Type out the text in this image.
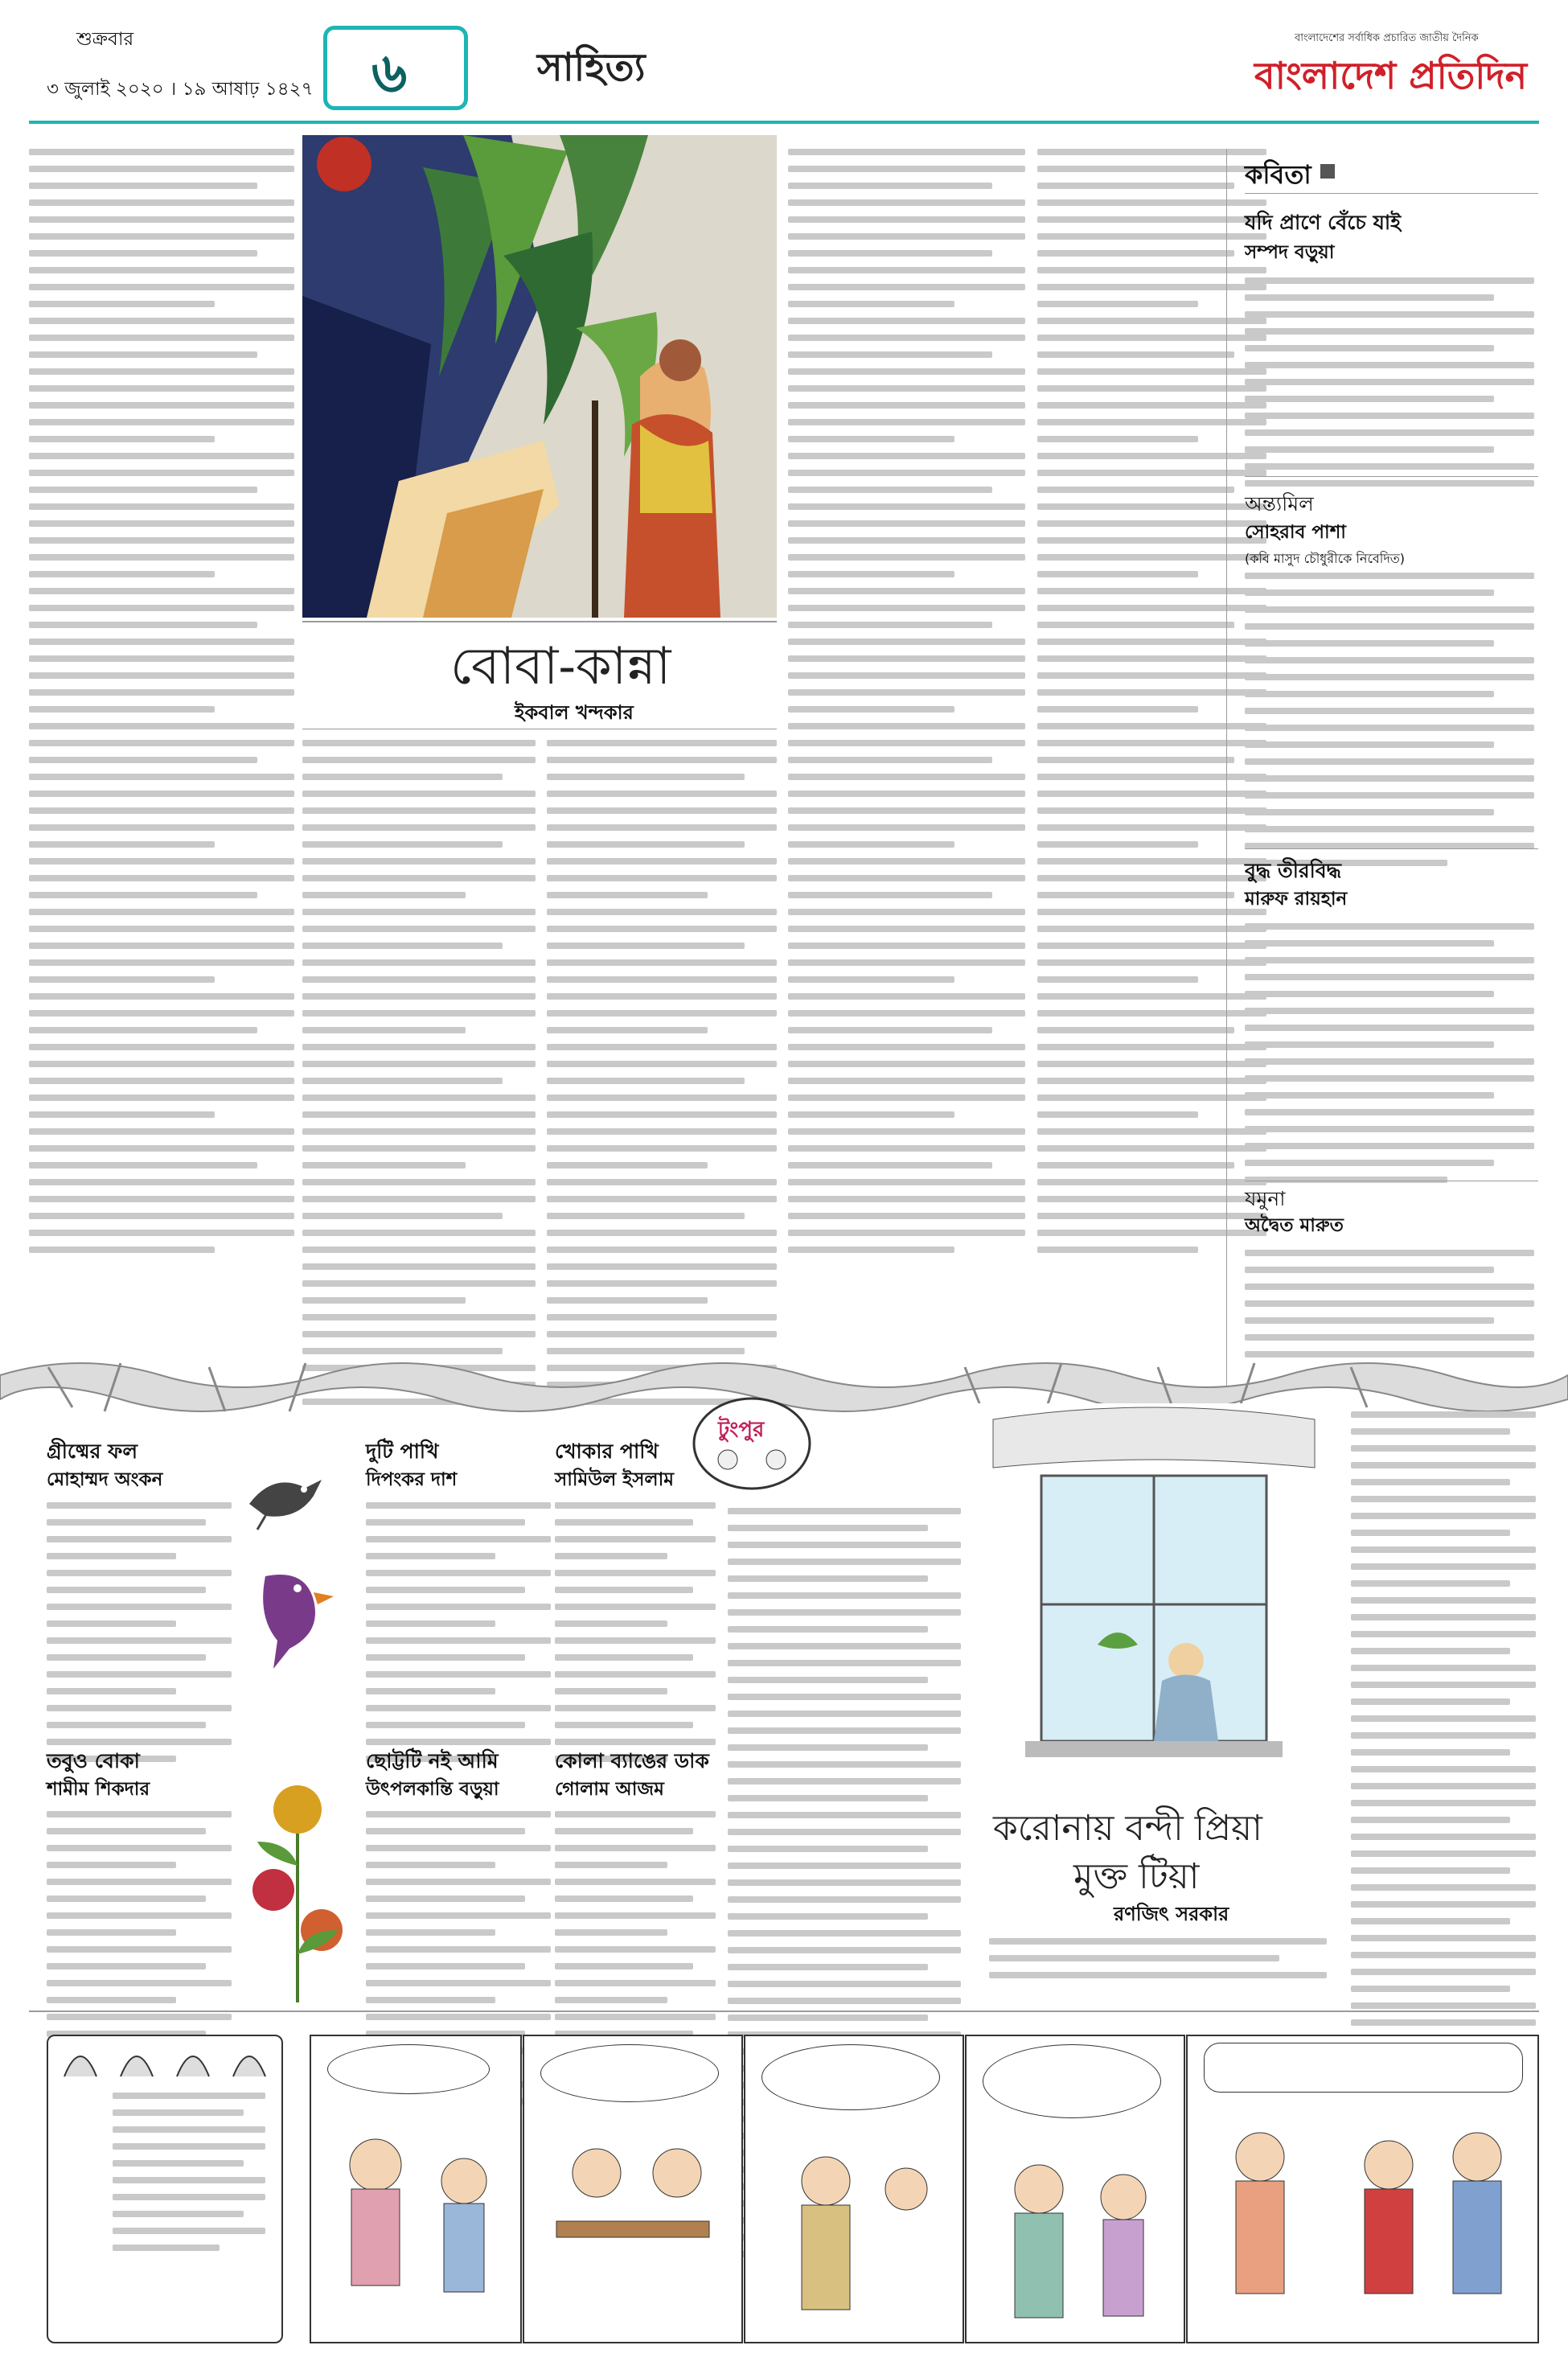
শুক্রবার
৩ জুলাই ২০২০ । ১৯ আষাঢ় ১৪২৭ ৬	সাহিত্য
বাংলাদেশের সর্বাধিক প্রচারিত জাতীয় দৈনিক
বাংলাদেশ প্রতিদিন
বোবা-কান্না
ইকবাল খন্দকার
কবিতা
যদি প্রাণে বেঁচে যাই
সম্পদ বড়ুয়া
অন্ত্যমিল
সোহরাব পাশা
(কবি মাসুদ চৌধুরীকে নিবেদিত)
বুদ্ধ তীরবিদ্ধ
মারুফ রায়হান
যমুনা
অদ্বৈত মারুত
টুংপুর
গ্রীষ্মের ফল
মোহাম্মদ অংকন
দুটি পাখি
দিপংকর দাশ
খোকার পাখি
সামিউল ইসলাম
তবুও বোকা
শামীম শিকদার
ছোট্টটি নই আমি
উৎপলকান্তি বড়ুয়া
কোলা ব্যাঙের ডাক
গোলাম আজম
করোনায় বন্দী প্রিয়া
মুক্ত টিয়া
রণজিৎ সরকার
